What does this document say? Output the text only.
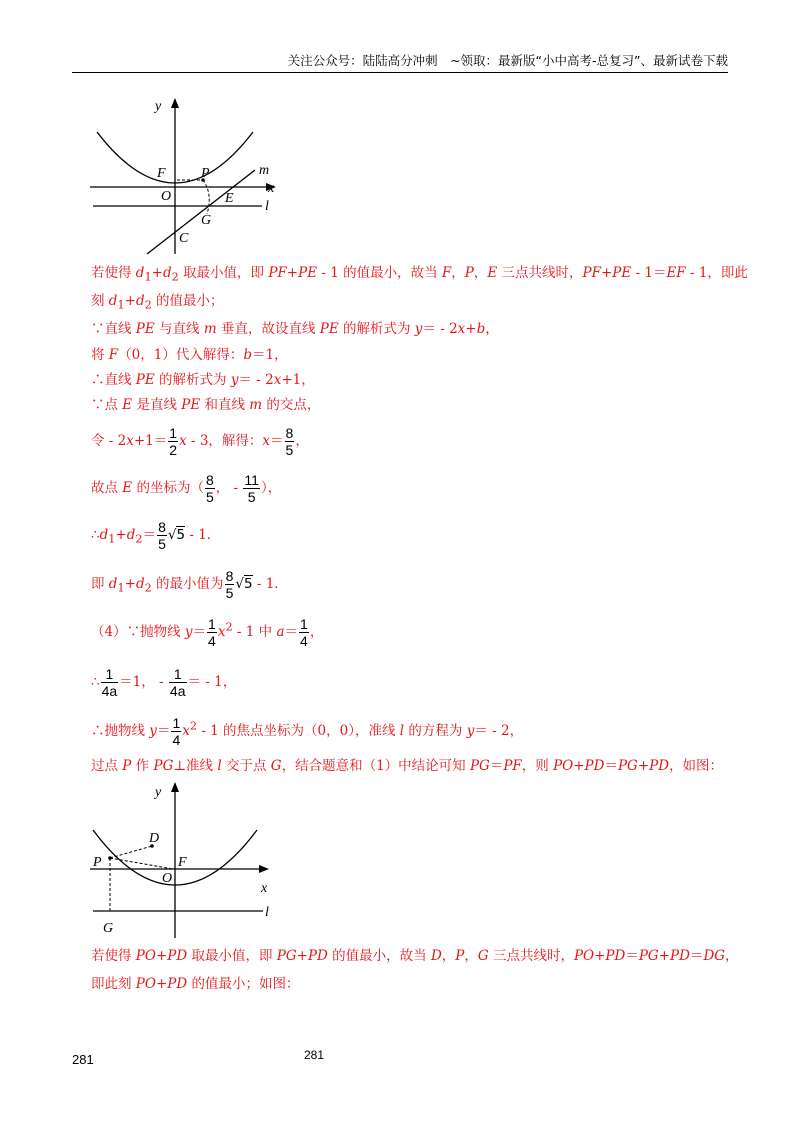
关注公众号：陆陆高分冲刺　~领取：最新版“小中高考-总复习”、最新试卷下载
y
x
F	P
O	E
G
C
m
l
若使得 $d_1+d_2$ 取最小值，即 PF+PE - 1 的值最小，故当 F，P，E 三点共线时，PF+PE - 1＝EF - 1，即此
刻 $d_1+d_2$ 的值最小；
∵直线 PE 与直线 m 垂直，故设直线 PE 的解析式为 y＝ - 2x+b，
将 F（0，1）代入解得：b＝1，
∴直线 PE 的解析式为 y＝ - 2x+1，
∵点 E 是直线 PE 和直线 m 的交点，
令 - $2x+1= \frac{1}{2}$ x - 3，解得：$x= \frac{8}{5}$ ，
故点 E 的坐标为（ $\frac{8}{5}$ ， - $\frac{11}{5}$ ），
$\therefore d_1+d_2= \frac{8}{5} √5 - 1$．
即 $d_1+d_2$ 的最小值为 $\frac{8}{5} √5 - 1$．
（4）∵抛物线 $y= \frac{1}{4} x^2 - 1$ 中 $a= \frac{1}{4}$ ，
∴ $\frac{1}{4a} =1$， - $\frac{1}{4a}$ ＝ - 1，
∴抛物线 $y= \frac{1}{4} x^2 - 1$ 的焦点坐标为（0，0），准线 l 的方程为 y＝ - 2，
过点 P 作 PG⊥准线 l 交于点 G，结合题意和（1）中结论可知 PG＝PF，则 PO+PD＝PG+PD，如图：
y
x
D
P	F
O
G
l
若使得 PO+PD 取最小值，即 PG+PD 的值最小，故当 D，P，G 三点共线时，PO+PD＝PG+PD＝DG，
即此刻 PO+PD 的值最小；如图：
281	281
